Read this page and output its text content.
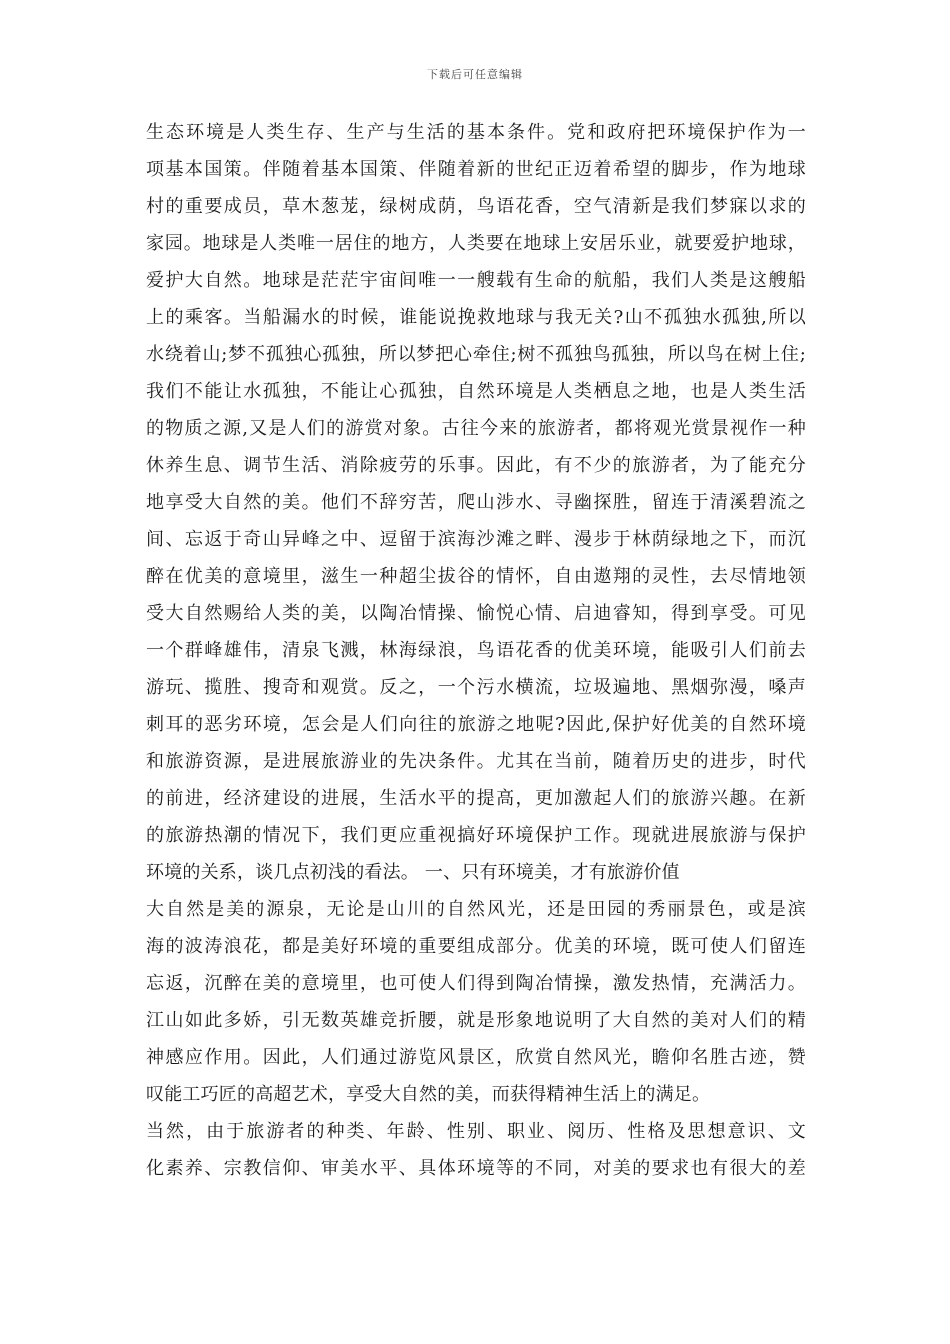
下载后可任意编辑
生态环境是人类生存、生产与生活的基本条件。党和政府把环境保护作为一
项基本国策。伴随着基本国策、伴随着新的世纪正迈着希望的脚步，作为地球
村的重要成员，草木葱茏，绿树成荫，鸟语花香，空气清新是我们梦寐以求的
家园。地球是人类唯一居住的地方，人类要在地球上安居乐业，就要爱护地球，
爱护大自然。地球是茫茫宇宙间唯一一艘载有生命的航船，我们人类是这艘船
上的乘客。当船漏水的时候，谁能说挽救地球与我无关?山不孤独水孤独,所以
水绕着山;梦不孤独心孤独，所以梦把心牵住;树不孤独鸟孤独，所以鸟在树上住;
我们不能让水孤独，不能让心孤独，自然环境是人类栖息之地，也是人类生活
的物质之源,又是人们的游赏对象。古往今来的旅游者，都将观光赏景视作一种
休养生息、调节生活、消除疲劳的乐事。因此，有不少的旅游者，为了能充分
地享受大自然的美。他们不辞穷苦，爬山涉水、寻幽探胜，留连于清溪碧流之
间、忘返于奇山异峰之中、逗留于滨海沙滩之畔、漫步于林荫绿地之下，而沉
醉在优美的意境里，滋生一种超尘拔谷的情怀，自由遨翔的灵性，去尽情地领
受大自然赐给人类的美，以陶冶情操、愉悦心情、启迪睿知，得到享受。可见
一个群峰雄伟，清泉飞溅，林海绿浪，鸟语花香的优美环境，能吸引人们前去
游玩、揽胜、搜奇和观赏。反之，一个污水横流，垃圾遍地、黑烟弥漫，嗓声
刺耳的恶劣环境，怎会是人们向往的旅游之地呢?因此,保护好优美的自然环境
和旅游资源，是进展旅游业的先决条件。尤其在当前，随着历史的进步，时代
的前进，经济建设的进展，生活水平的提高，更加激起人们的旅游兴趣。在新
的旅游热潮的情况下，我们更应重视搞好环境保护工作。现就进展旅游与保护
环境的关系，谈几点初浅的看法。 一、只有环境美，才有旅游价值
大自然是美的源泉，无论是山川的自然风光，还是田园的秀丽景色，或是滨
海的波涛浪花，都是美好环境的重要组成部分。优美的环境，既可使人们留连
忘返，沉醉在美的意境里，也可使人们得到陶冶情操，激发热情，充满活力。
江山如此多娇，引无数英雄竞折腰，就是形象地说明了大自然的美对人们的精
神感应作用。因此，人们通过游览风景区，欣赏自然风光，瞻仰名胜古迹，赞
叹能工巧匠的高超艺术，享受大自然的美，而获得精神生活上的满足。
当然，由于旅游者的种类、年龄、性别、职业、阅历、性格及思想意识、文
化素养、宗教信仰、审美水平、具体环境等的不同，对美的要求也有很大的差
